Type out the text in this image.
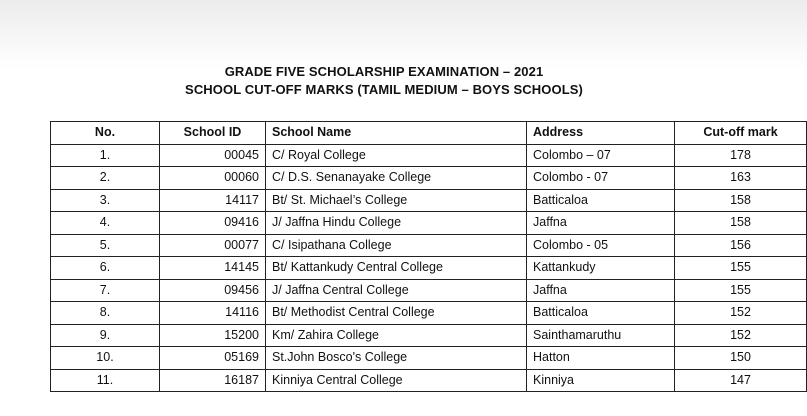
GRADE FIVE SCHOLARSHIP EXAMINATION – 2021
SCHOOL CUT-OFF MARKS (TAMIL MEDIUM – BOYS SCHOOLS)
No.	School ID	School Name	Address	Cut-off mark
1.	00045	C/ Royal College	Colombo – 07	178
2.	00060	C/ D.S. Senanayake College	Colombo - 07	163
3.	14117	Bt/ St. Michael’s College	Batticaloa	158
4.	09416	J/ Jaffna Hindu College	Jaffna	158
5.	00077	C/ Isipathana College	Colombo - 05	156
6.	14145	Bt/ Kattankudy Central College	Kattankudy	155
7.	09456	J/ Jaffna Central College	Jaffna	155
8.	14116	Bt/ Methodist Central College	Batticaloa	152
9.	15200	Km/ Zahira College	Sainthamaruthu	152
10.	05169	St.John Bosco's College	Hatton	150
11.	16187	Kinniya Central College	Kinniya	147
